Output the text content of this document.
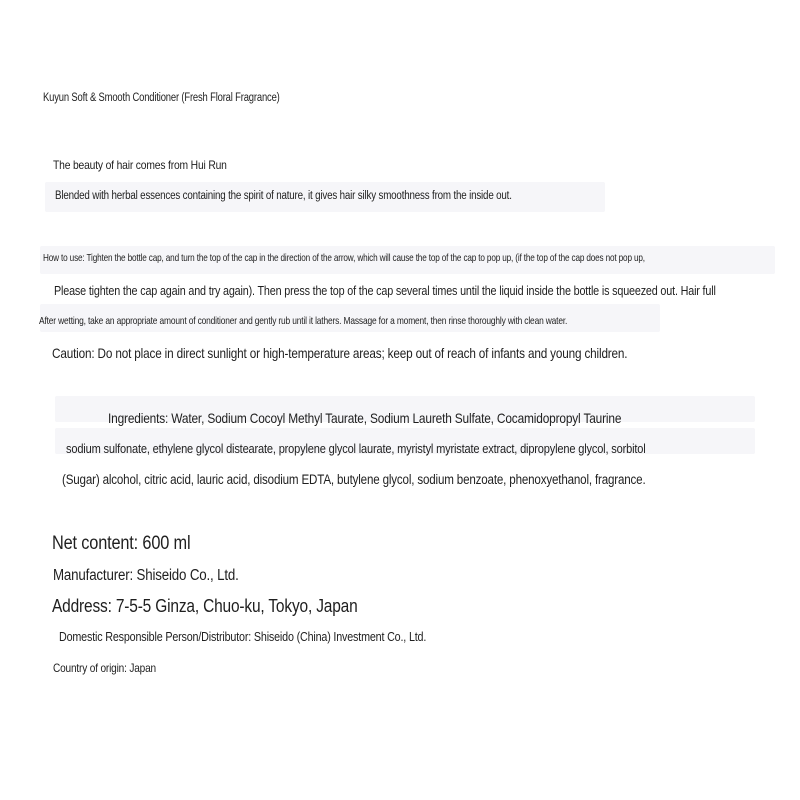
Kuyun Soft & Smooth Conditioner (Fresh Floral Fragrance)
The beauty of hair comes from Hui Run
Blended with herbal essences containing the spirit of nature, it gives hair silky smoothness from the inside out.
How to use: Tighten the bottle cap, and turn the top of the cap in the direction of the arrow, which will cause the top of the cap to pop up, (if the top of the cap does not pop up,
Please tighten the cap again and try again). Then press the top of the cap several times until the liquid inside the bottle is squeezed out. Hair full
After wetting, take an appropriate amount of conditioner and gently rub until it lathers. Massage for a moment, then rinse thoroughly with clean water.
Caution: Do not place in direct sunlight or high-temperature areas; keep out of reach of infants and young children.
Ingredients: Water, Sodium Cocoyl Methyl Taurate, Sodium Laureth Sulfate, Cocamidopropyl Taurine
sodium sulfonate, ethylene glycol distearate, propylene glycol laurate, myristyl myristate extract, dipropylene glycol, sorbitol
(Sugar) alcohol, citric acid, lauric acid, disodium EDTA, butylene glycol, sodium benzoate, phenoxyethanol, fragrance.
Net content: 600 ml
Manufacturer: Shiseido Co., Ltd.
Address: 7-5-5 Ginza, Chuo-ku, Tokyo, Japan
Domestic Responsible Person/Distributor: Shiseido (China) Investment Co., Ltd.
Country of origin: Japan
